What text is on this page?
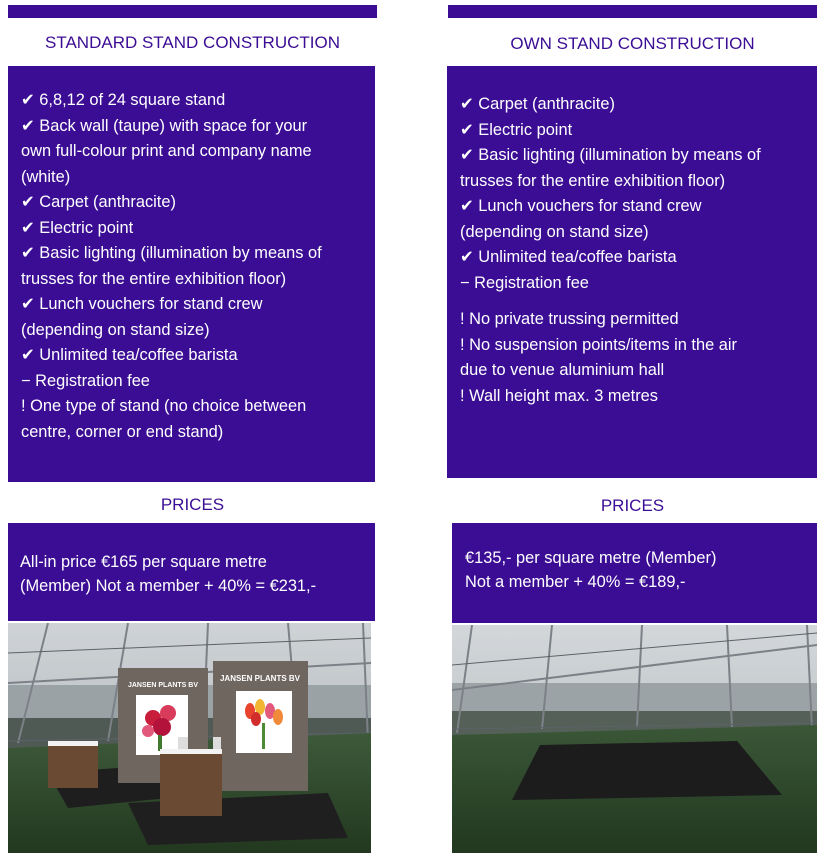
STANDARD STAND CONSTRUCTION
✔ 6,8,12 of 24 square stand
✔ Back wall (taupe) with space for your
own full-colour print and company name
(white)
✔ Carpet (anthracite)
✔ Electric point
✔ Basic lighting (illumination by means of
trusses for the entire exhibition floor)
✔ Lunch vouchers for stand crew
(depending on stand size)
✔ Unlimited tea/coffee barista
− Registration fee
! One type of stand (no choice between
centre, corner or end stand)
PRICES
All-in price €165 per square metre
(Member) Not a member + 40% = €231,-
JANSEN PLANTS BV
JANSEN PLANTS BV
OWN STAND CONSTRUCTION
✔ Carpet (anthracite)
✔ Electric point
✔ Basic lighting (illumination by means of
trusses for the entire exhibition floor)
✔ Lunch vouchers for stand crew
(depending on stand size)
✔ Unlimited tea/coffee barista
− Registration fee
! No private trussing permitted
! No suspension points/items in the air
due to venue aluminium hall
! Wall height max. 3 metres
PRICES
€135,- per square metre (Member)
Not a member + 40% = €189,-
